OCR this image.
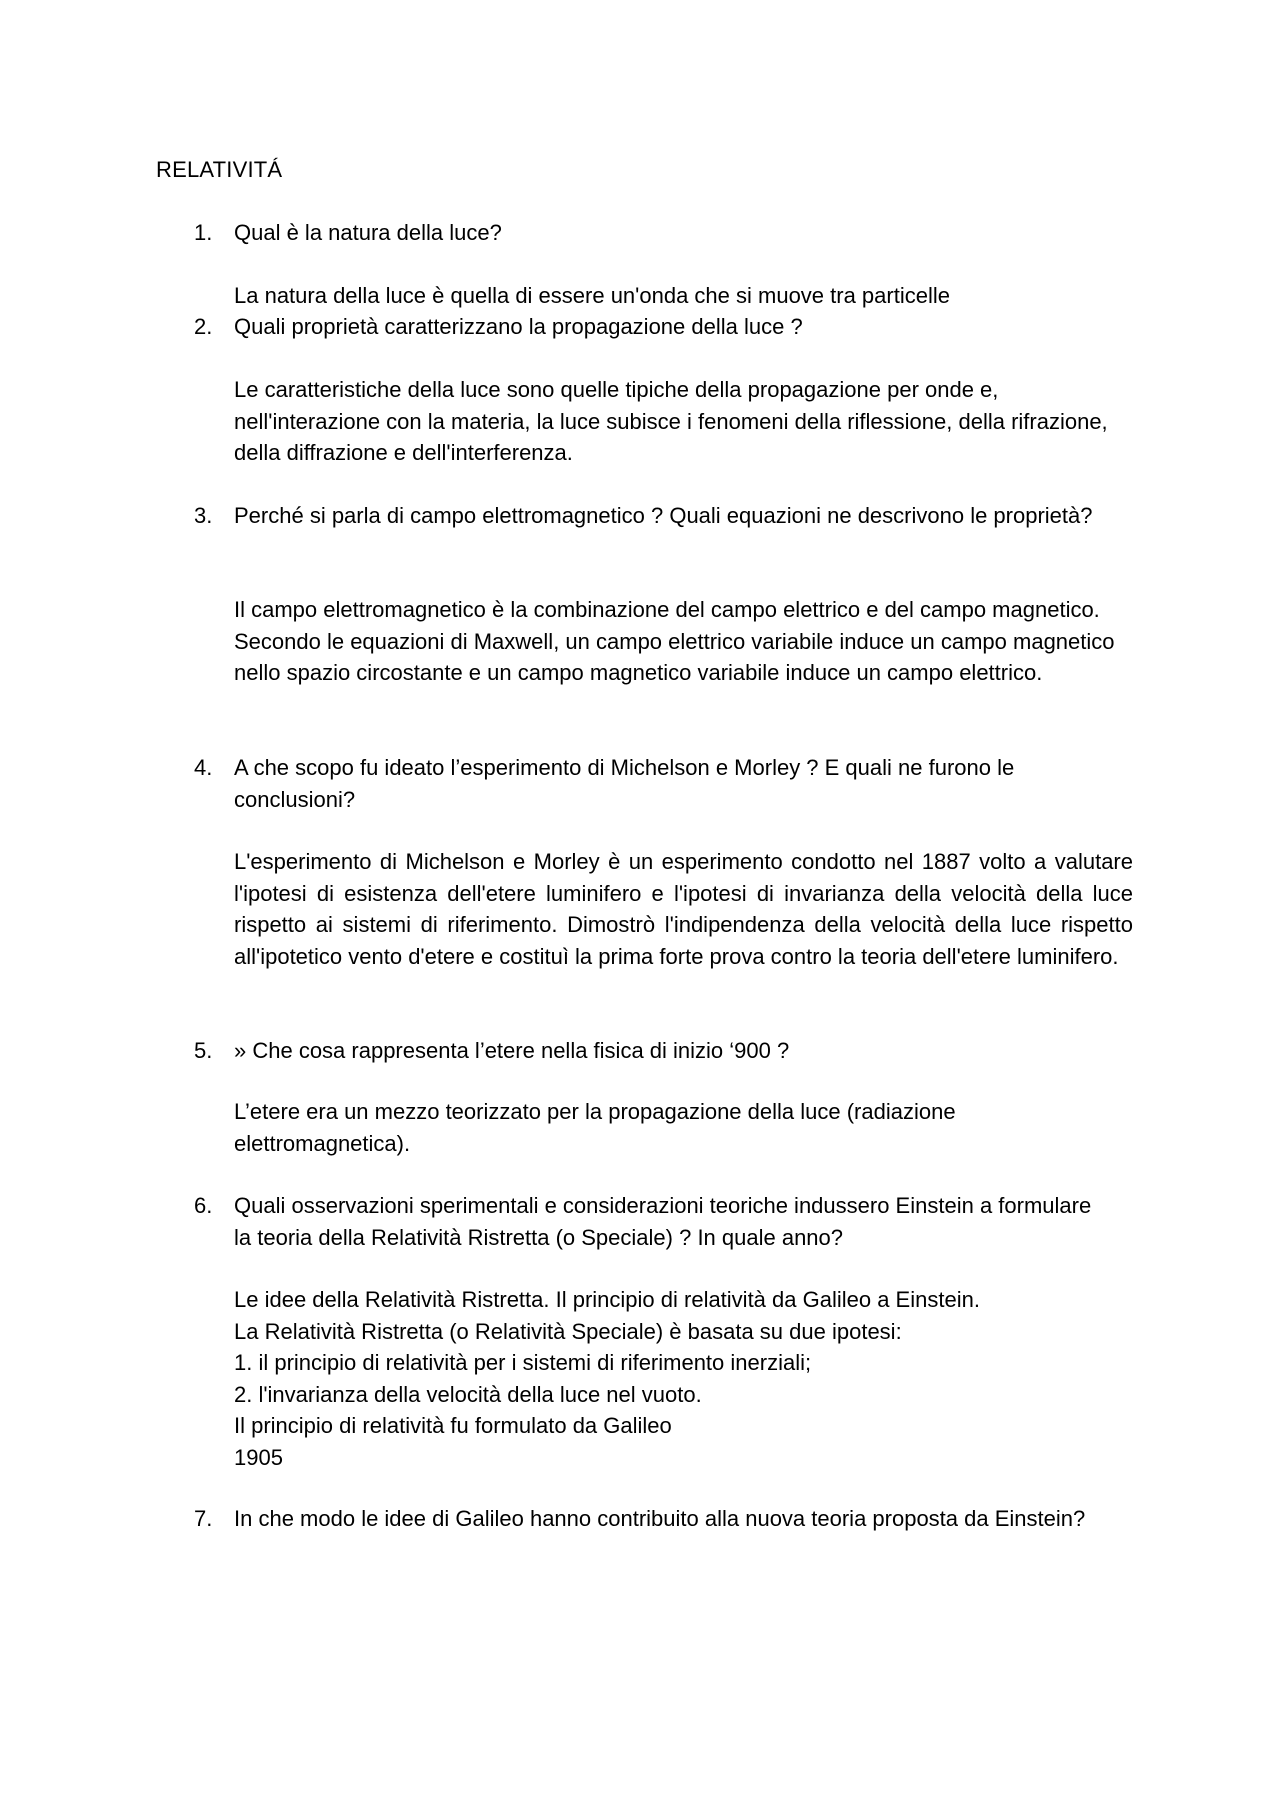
RELATIVITÁ
1. Qual è la natura della luce?
La natura della luce è quella di essere un'onda che si muove tra particelle
2. Quali proprietà caratterizzano la propagazione della luce ?
Le caratteristiche della luce sono quelle tipiche della propagazione per onde e, nell'interazione con la materia, la luce subisce i fenomeni della riflessione, della rifrazione, della diffrazione e dell'interferenza.
3. Perché si parla di campo elettromagnetico ? Quali equazioni ne descrivono le proprietà?
Il campo elettromagnetico è la combinazione del campo elettrico e del campo magnetico. Secondo le equazioni di Maxwell, un campo elettrico variabile induce un campo magnetico nello spazio circostante e un campo magnetico variabile induce un campo elettrico.
4. A che scopo fu ideato l’esperimento di Michelson e Morley ? E quali ne furono le conclusioni?
L'esperimento di Michelson e Morley è un esperimento condotto nel 1887 volto a valutare l'ipotesi di esistenza dell'etere luminifero e l'ipotesi di invarianza della velocità della luce rispetto ai sistemi di riferimento. Dimostrò l'indipendenza della velocità della luce rispetto all'ipotetico vento d'etere e costituì la prima forte prova contro la teoria dell'etere luminifero.
5. » Che cosa rappresenta l’etere nella fisica di inizio ‘900 ?
L’etere era un mezzo teorizzato per la propagazione della luce (radiazione elettromagnetica).
6. Quali osservazioni sperimentali e considerazioni teoriche indussero Einstein a formulare la teoria della Relatività Ristretta (o Speciale) ? In quale anno?
Le idee della Relatività Ristretta. Il principio di relatività da Galileo a Einstein.
La Relatività Ristretta (o Relatività Speciale) è basata su due ipotesi:
1. il principio di relatività per i sistemi di riferimento inerziali;
2. l'invarianza della velocità della luce nel vuoto.
Il principio di relatività fu formulato da Galileo
1905
7. In che modo le idee di Galileo hanno contribuito alla nuova teoria proposta da Einstein?
